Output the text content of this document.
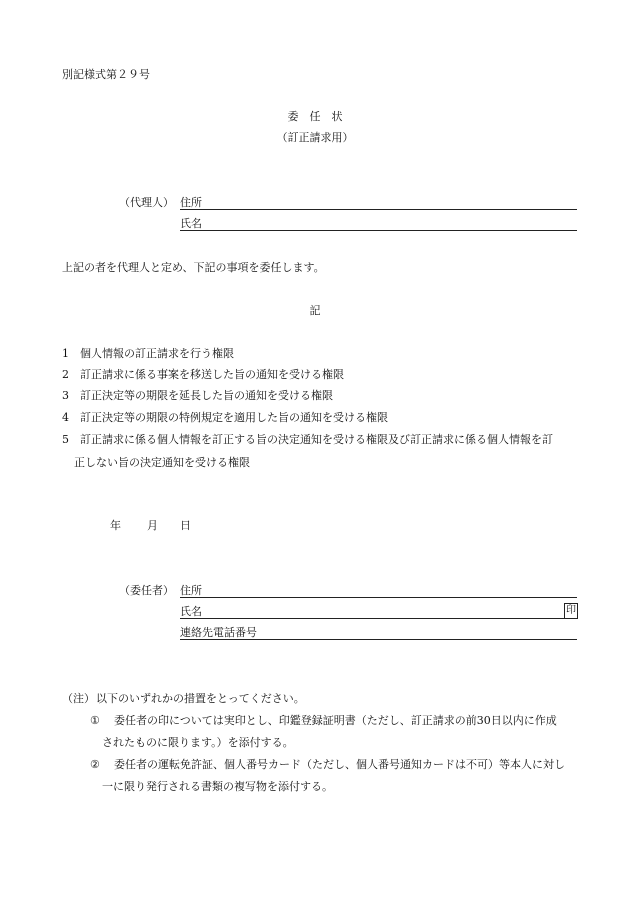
別記様式第２９号
委　任　状
（訂正請求用）
（代理人） 住所
氏名
上記の者を代理人と定め、下記の事項を委任します。
記
1 個人情報の訂正請求を行う権限
2 訂正請求に係る事案を移送した旨の通知を受ける権限
3 訂正決定等の期限を延長した旨の通知を受ける権限
4 訂正決定等の期限の特例規定を適用した旨の通知を受ける権限
5 訂正請求に係る個人情報を訂正する旨の決定通知を受ける権限及び訂正請求に係る個人情報を訂
正しない旨の決定通知を受ける権限
年 月 日
（委任者） 住所
氏名	印
連絡先電話番号
（注） 以下のいずれかの措置をとってください。
① 委任者の印については実印とし、印鑑登録証明書（ただし、訂正請求の前30日以内に作成
されたものに限ります。）を添付する。
② 委任者の運転免許証、個人番号カード（ただし、個人番号通知カードは不可）等本人に対し
一に限り発行される書類の複写物を添付する。
